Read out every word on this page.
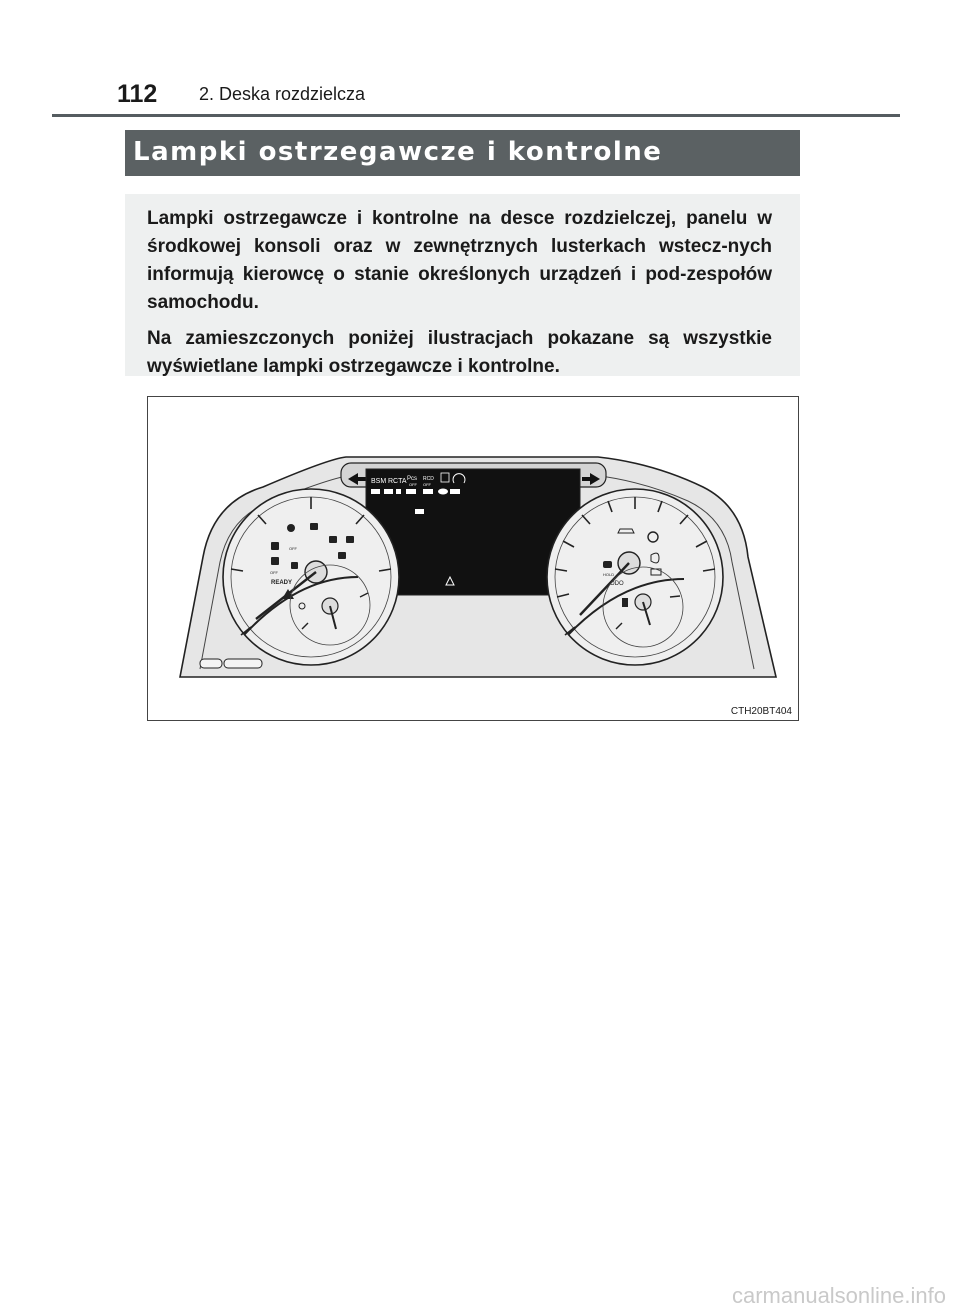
112 2. Deska rozdzielcza
Lampki ostrzegawcze i kontrolne

Lampki ostrzegawcze i kontrolne na desce rozdzielczej, panelu w środkowej konsoli oraz w zewnętrznych lusterkach wstecz-nych informują kierowcę o stanie określonych urządzeń i pod-zespołów samochodu.

Na zamieszczonych poniżej ilustracjach pokazane są wszystkie wyświetlane lampki ostrzegawcze i kontrolne.

BSM RCTA Pcs
OFF
RCD
OFF
READY
OFF
OFF
HOLD
ODO
CTH20BT404
carmanualsonline.info
